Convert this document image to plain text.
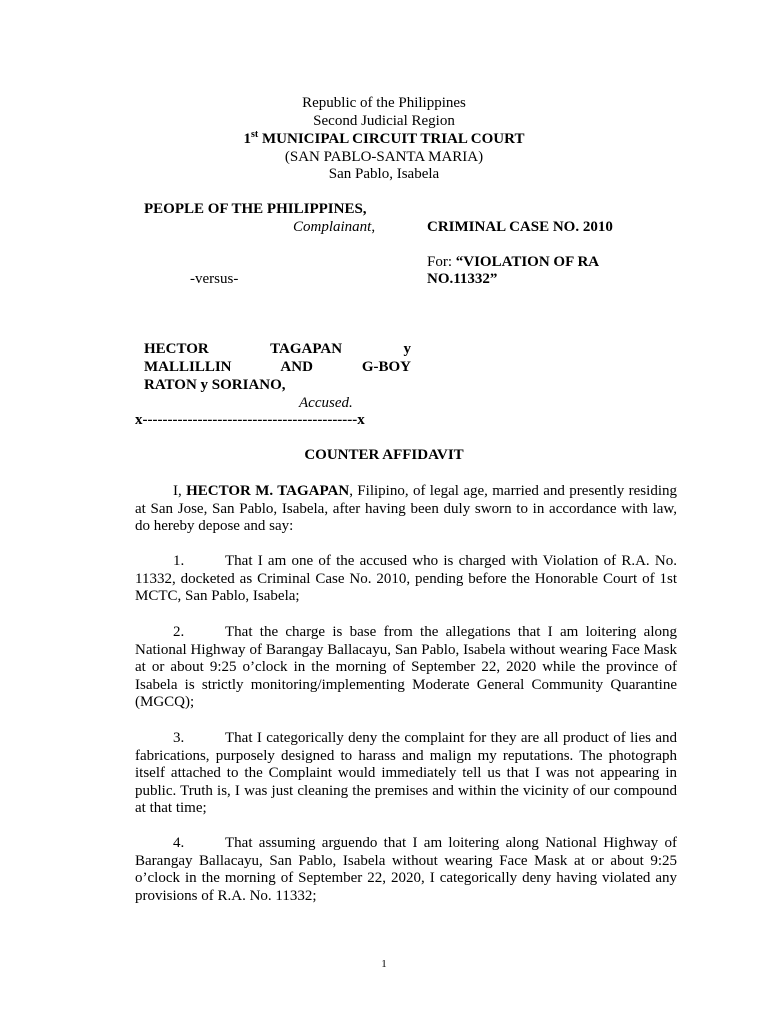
Republic of the Philippines
Second Judicial Region
1st MUNICIPAL CIRCUIT TRIAL COURT
(SAN PABLO-SANTA MARIA)
San Pablo, Isabela
PEOPLE OF THE PHILIPPINES,
Complainant,
-versus-
HECTOR	TAGAPAN	y
MALLILLIN	AND	G-BOY
RATON y SORIANO,
Accused.
x-------------------------------------------x
CRIMINAL CASE NO. 2010
For: “VIOLATION OF RA
NO.11332”
COUNTER AFFIDAVIT
I, HECTOR M. TAGAPAN, Filipino, of legal age, married and presently residing at San Jose, San Pablo, Isabela, after having been duly sworn to in accordance with law, do hereby depose and say:
1.	That I am one of the accused who is charged with Violation of R.A. No. 11332, docketed as Criminal Case No. 2010, pending before the Honorable Court of 1st MCTC, San Pablo, Isabela;
2.	That the charge is base from the allegations that I am loitering along National Highway of Barangay Ballacayu, San Pablo, Isabela without wearing Face Mask at or about 9:25 o’clock in the morning of September 22, 2020 while the province of Isabela is strictly monitoring/implementing Moderate General Community Quarantine (MGCQ);
3.	That I categorically deny the complaint for they are all product of lies and fabrications, purposely designed to harass and malign my reputations. The photograph itself attached to the Complaint would immediately tell us that I was not appearing in public. Truth is, I was just cleaning the premises and within the vicinity of our compound at that time;
4.	That assuming arguendo that I am loitering along National Highway of Barangay Ballacayu, San Pablo, Isabela without wearing Face Mask at or about 9:25 o’clock in the morning of September 22, 2020, I categorically deny having violated any provisions of R.A. No. 11332;
1
